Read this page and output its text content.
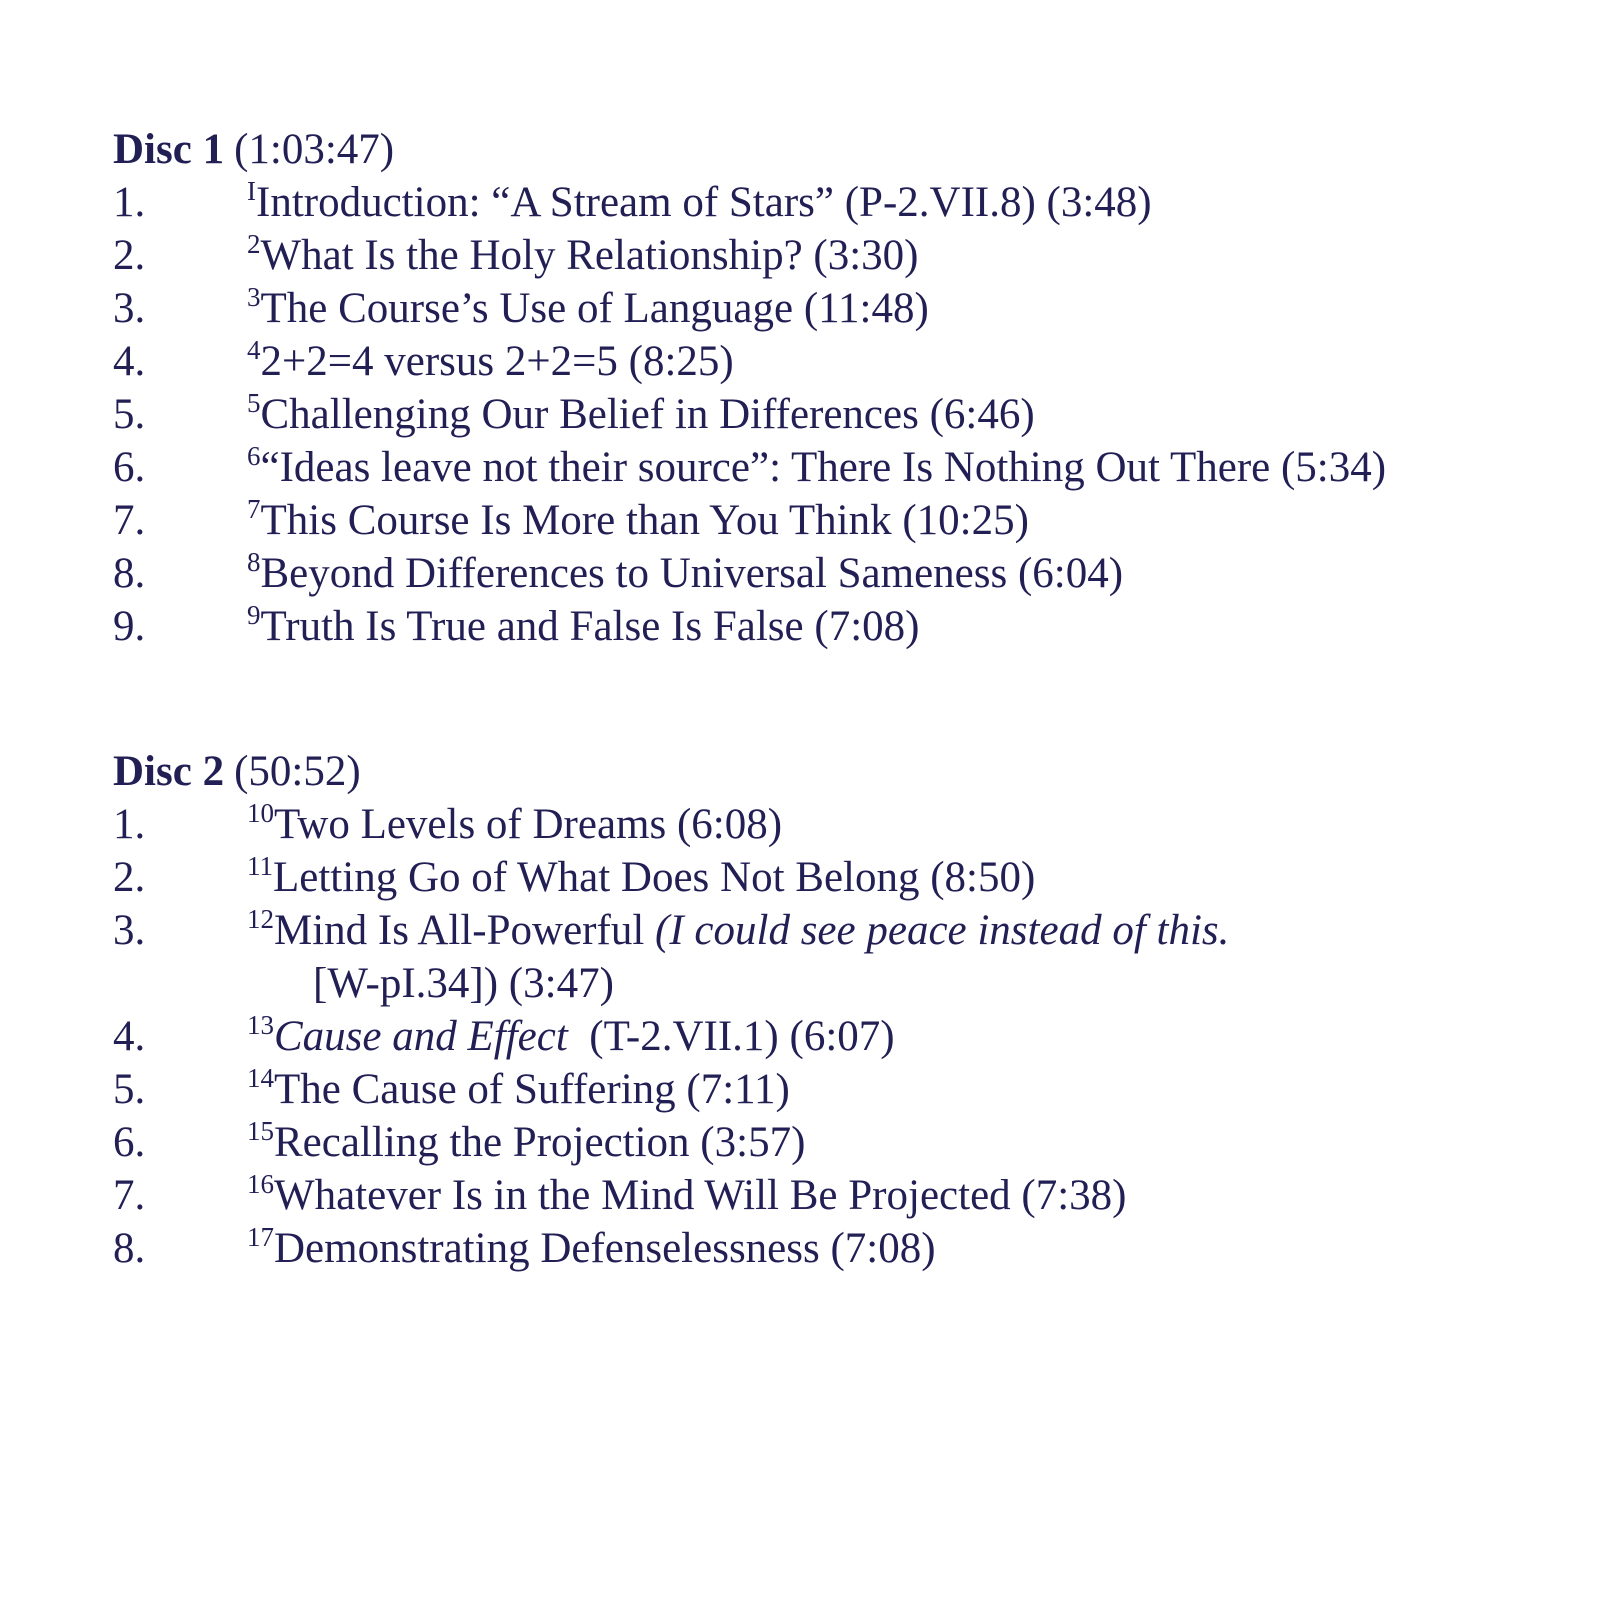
Disc 1 (1:03:47)
1.	$^I$Introduction: “A Stream of Stars” (P-2.VII.8) (3:48)
2.	$^2$What Is the Holy Relationship? (3:30)
3.	$^3$The Course’s Use of Language (11:48)
4.	$^4$2+2=4 versus 2+2=5 (8:25)
5.	$^5$Challenging Our Belief in Differences (6:46)
6.	$^6$“Ideas leave not their source”: There Is Nothing Out There (5:34)
7.	$^7$This Course Is More than You Think (10:25)
8.	$^8$Beyond Differences to Universal Sameness (6:04)
9.	$^9$Truth Is True and False Is False (7:08)
Disc 2 (50:52)
1.	$^{10}$Two Levels of Dreams (6:08)
2.	$^{11}$Letting Go of What Does Not Belong (8:50)
3.	$^{12}$Mind Is All-Powerful (I could see peace instead of this.
[W-pI.34]) (3:47)
4.	$^{13}$Cause and Effect  (T-2.VII.1) (6:07)
5.	$^{14}$The Cause of Suffering (7:11)
6.	$^{15}$Recalling the Projection (3:57)
7.	$^{16}$Whatever Is in the Mind Will Be Projected (7:38)
8.	$^{17}$Demonstrating Defenselessness (7:08)
